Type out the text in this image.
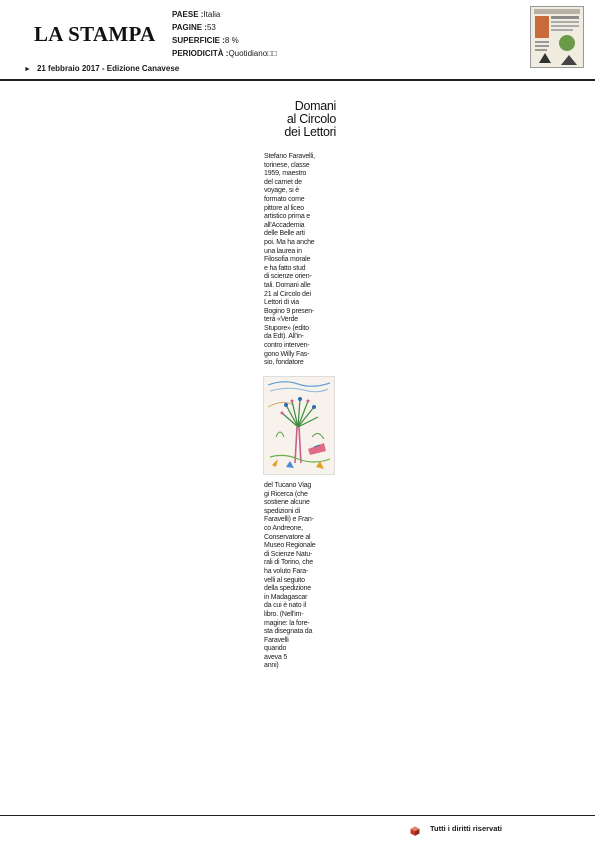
LA STAMPA
PAESE :Italia
PAGINE :53
SUPERFICIE :8 %
PERIODICITÀ :Quotidiano□□
► 21 febbraio 2017 - Edizione Canavese
Domani
al Circolo
dei Lettori
Stefano Faravelli,
torinese, classe
1959, maestro
del carnet de
voyage, si è
formato come
pittore al liceo
artistico prima e
all'Accademia
delle Belle arti
poi. Ma ha anche
una laurea in
Filosofia morale
e ha fatto stud
di scienze orien-
tali. Domani alle
21 al Circolo dei
Lettori di via
Bogino 9 presen-
terà «Verde
Stupore» (edito
da Edt). All'in-
contro interven-
gono Willy Fas-
sio, fondatore
del Tucano Viag
gi Ricerca (che
sostiene alcune
spedizioni di
Faravelli) e Fran-
co Andreone,
Conservatore al
Museo Regionale
di Scienze Natu-
rali di Torino, che
ha voluto Fara-
velli al seguito
della spedizione
in Madagascar
da cui è nato il
libro. (Nell'im-
magine: la fore-
sta disegnata da
Faravelli
quando
aveva 5
anni)
Tutti i diritti riservati
